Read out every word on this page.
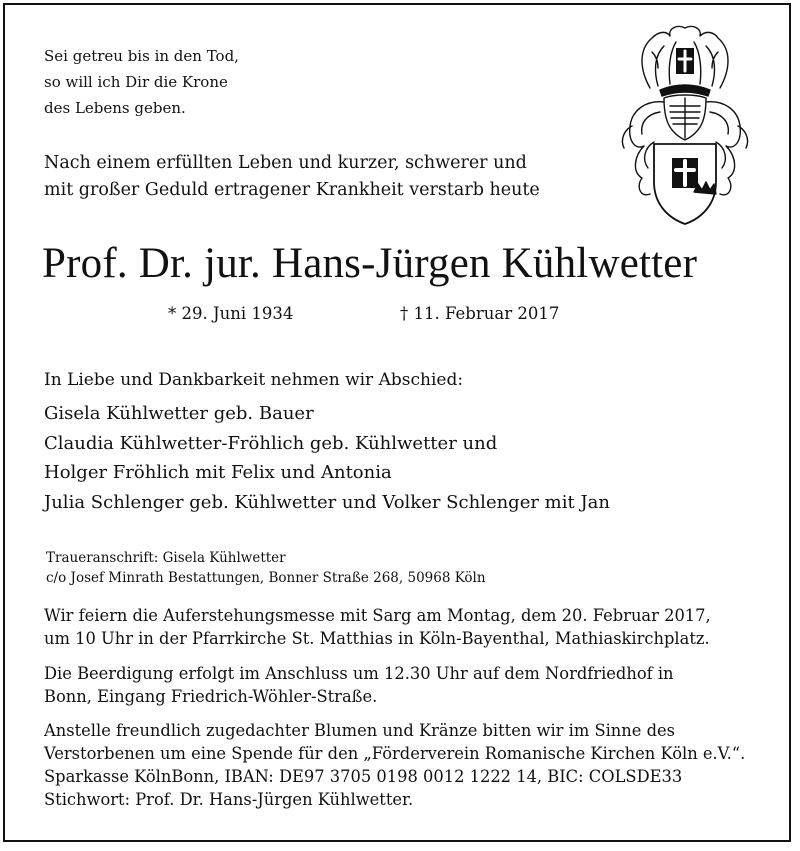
Sei getreu bis in den Tod,
so will ich Dir die Krone
des Lebens geben.
Nach einem erfüllten Leben und kurzer, schwerer und
mit großer Geduld ertragener Krankheit verstarb heute
Prof. Dr. jur. Hans-Jürgen Kühlwetter
* 29. Juni 1934	† 11. Februar 2017
In Liebe und Dankbarkeit nehmen wir Abschied:
Gisela Kühlwetter geb. Bauer
Claudia Kühlwetter-Fröhlich geb. Kühlwetter und
Holger Fröhlich mit Felix und Antonia
Julia Schlenger geb. Kühlwetter und Volker Schlenger mit Jan
Traueranschrift: Gisela Kühlwetter
c/o Josef Minrath Bestattungen, Bonner Straße 268, 50968 Köln
Wir feiern die Auferstehungsmesse mit Sarg am Montag, dem 20. Februar 2017,
um 10 Uhr in der Pfarrkirche St. Matthias in Köln-Bayenthal, Mathiaskirchplatz.
Die Beerdigung erfolgt im Anschluss um 12.30 Uhr auf dem Nordfriedhof in
Bonn, Eingang Friedrich-Wöhler-Straße.
Anstelle freundlich zugedachter Blumen und Kränze bitten wir im Sinne des
Verstorbenen um eine Spende für den „Förderverein Romanische Kirchen Köln e.V.“.
Sparkasse KölnBonn, IBAN: DE97 3705 0198 0012 1222 14, BIC: COLSDE33
Stichwort: Prof. Dr. Hans-Jürgen Kühlwetter.
